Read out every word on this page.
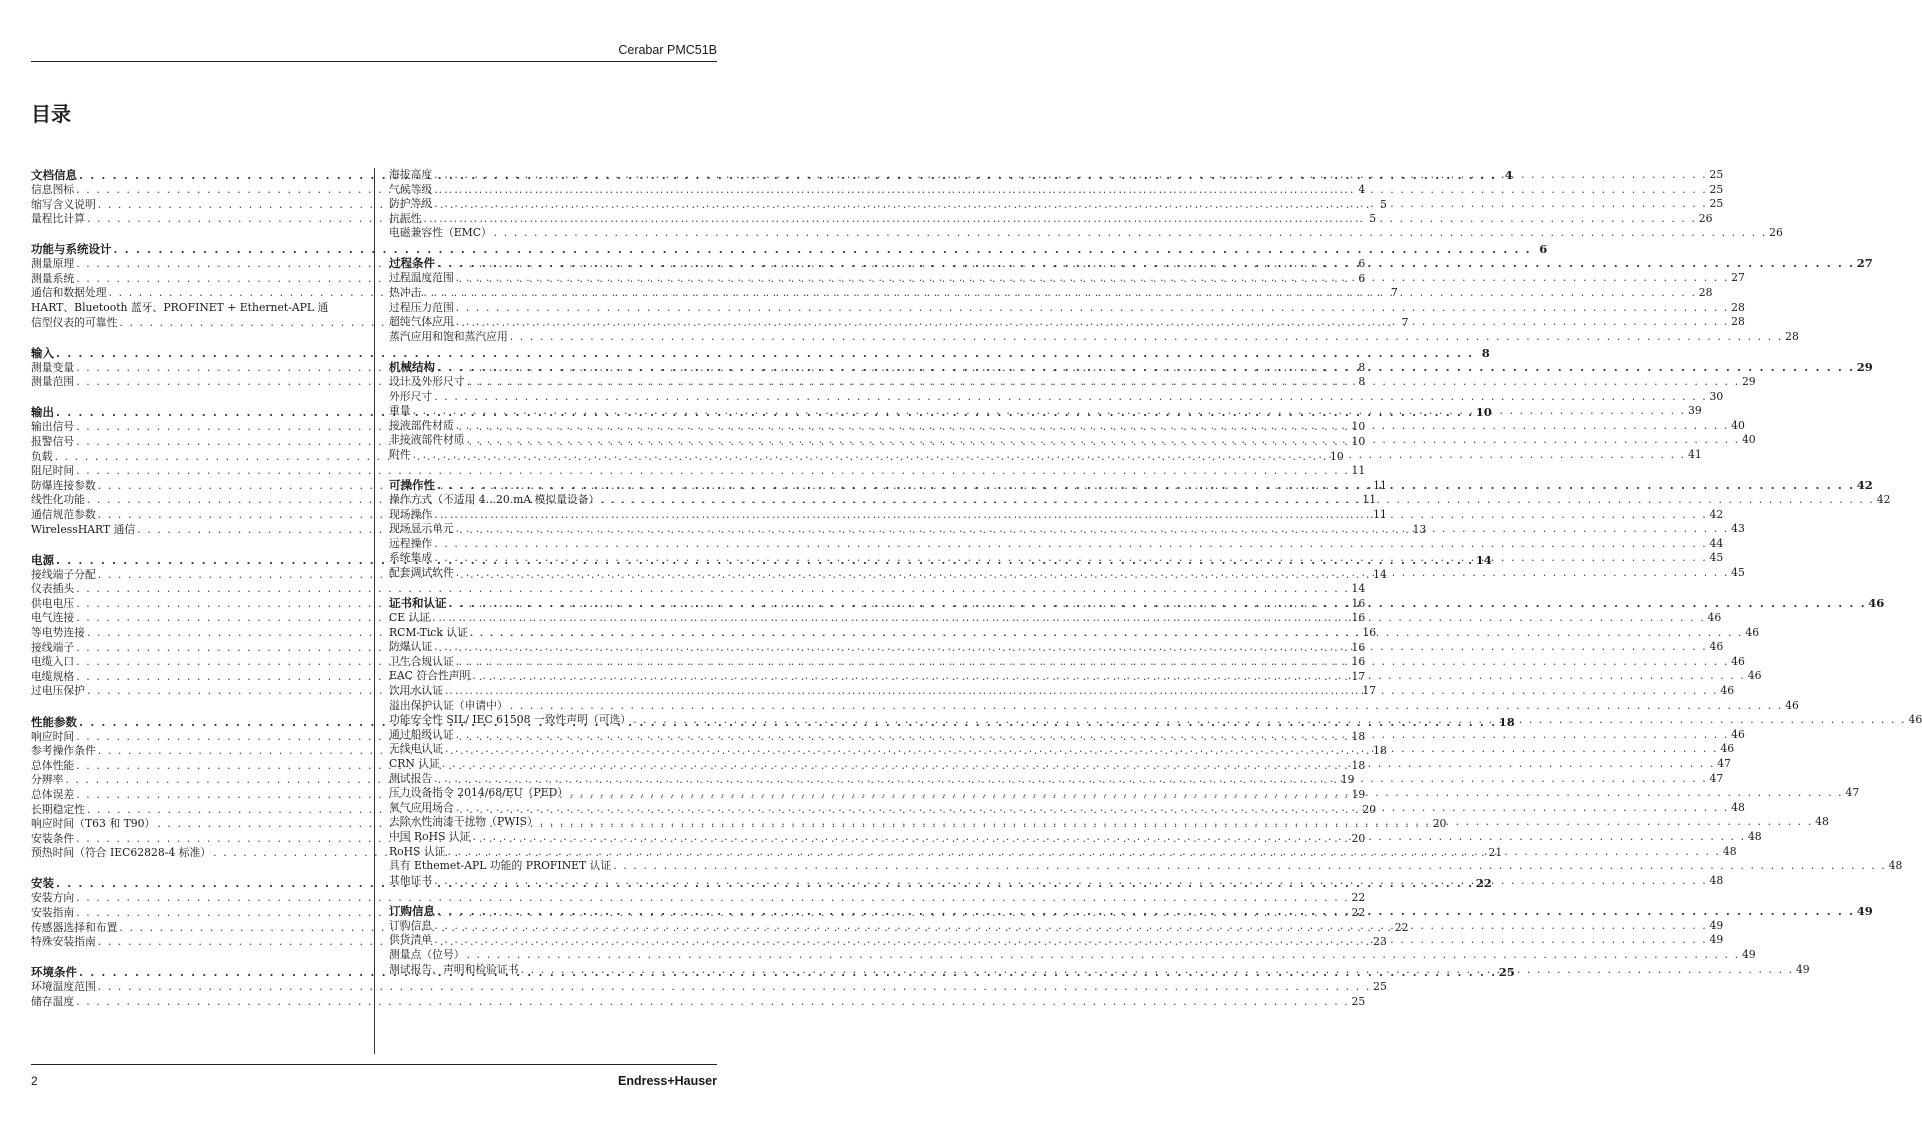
Cerabar PMC51B
目录
文档信息 . . .	4
信息图标 . . .	4
缩写含义说明 . . .	5
量程比计算 . . .	5
功能与系统设计 . . .	6
测量原理 . . .	6
测量系统 . . .	6
通信和数据处理 . . .	7
HART、Bluetooth 蓝牙、PROFINET + Ethernet-APL 通
信型仪表的可靠性 . . .	7
输入 . . .	8
测量变量 . . .	8
测量范围 . . .	8
输出 . . .	10
输出信号 . . .	10
报警信号 . . .	10
负载 . . .	10
阻尼时间 . . .	11
防爆连接参数 . . .	11
线性化功能 . . .	11
通信规范参数 . . .	11
WirelessHART 通信 . . .	13
电源 . . .	14
接线端子分配 . . .	14
仪表插头 . . .	14
供电电压 . . .	16
电气连接 . . .	16
等电势连接 . . .	16
接线端子 . . .	16
电缆入口 . . .	16
电缆规格 . . .	17
过电压保护 . . .	17
性能参数 . . .	18
响应时间 . . .	18
参考操作条件 . . .	18
总体性能 . . .	18
分辨率 . . .	19
总体误差 . . .	19
长期稳定性 . . .	20
响应时间（T63 和 T90） . . .	20
安装条件 . . .	20
预热时间（符合 IEC62828-4 标准） . . .	21
安装 . . .	22
安装方向 . . .	22
安装指南 . . .	22
传感器选择和布置 . . .	22
特殊安装指南 . . .	23
环境条件 . . .	25
环境温度范围 . . .	25
储存温度 . . .	25
海拔高度 . . .	25
气候等级 . . .	25
防护等级 . . .	25
抗振性 . . .	26
电磁兼容性（EMC） . . .	26
过程条件 . . .	27
过程温度范围 . . .	27
热冲击 . . .	28
过程压力范围 . . .	28
超纯气体应用 . . .	28
蒸汽应用和饱和蒸汽应用 . . .	28
机械结构 . . .	29
设计及外形尺寸 . . .	29
外形尺寸 . . .	30
重量 . . .	39
接液部件材质 . . .	40
非接液部件材质 . . .	40
附件 . . .	41
可操作性 . . .	42
操作方式（不适用 4...20 mA 模拟量设备） . . .	42
现场操作 . . .	42
现场显示单元 . . .	43
远程操作 . . .	44
系统集成 . . .	45
配套调试软件 . . .	45
证书和认证 . . .	46
CE 认证 . . .	46
RCM-Tick 认证 . . .	46
防爆认证 . . .	46
卫生合规认证 . . .	46
EAC 符合性声明 . . .	46
饮用水认证 . . .	46
溢出保护认证（申请中） . . .	46
功能安全性 SIL/ IEC 61508 一致性声明（可选） . . .	46
通过船级认证 . . .	46
无线电认证 . . .	46
CRN 认证 . . .	47
测试报告 . . .	47
压力设备指令 2014/68/EU（PED） . . .	47
氧气应用场合 . . .	48
去除水性油漆干扰物（PWIS） . . .	48
中国 RoHS 认证 . . .	48
RoHS 认证 . . .	48
具有 Ethemet-APL 功能的 PROFINET 认证 . . .	48
其他证书 . . .	48
订购信息 . . .	49
订购信息 . . .	49
供货清单 . . .	49
测量点（位号） . . .	49
测试报告、声明和检验证书 . . .	49
2	Endress+Hauser
